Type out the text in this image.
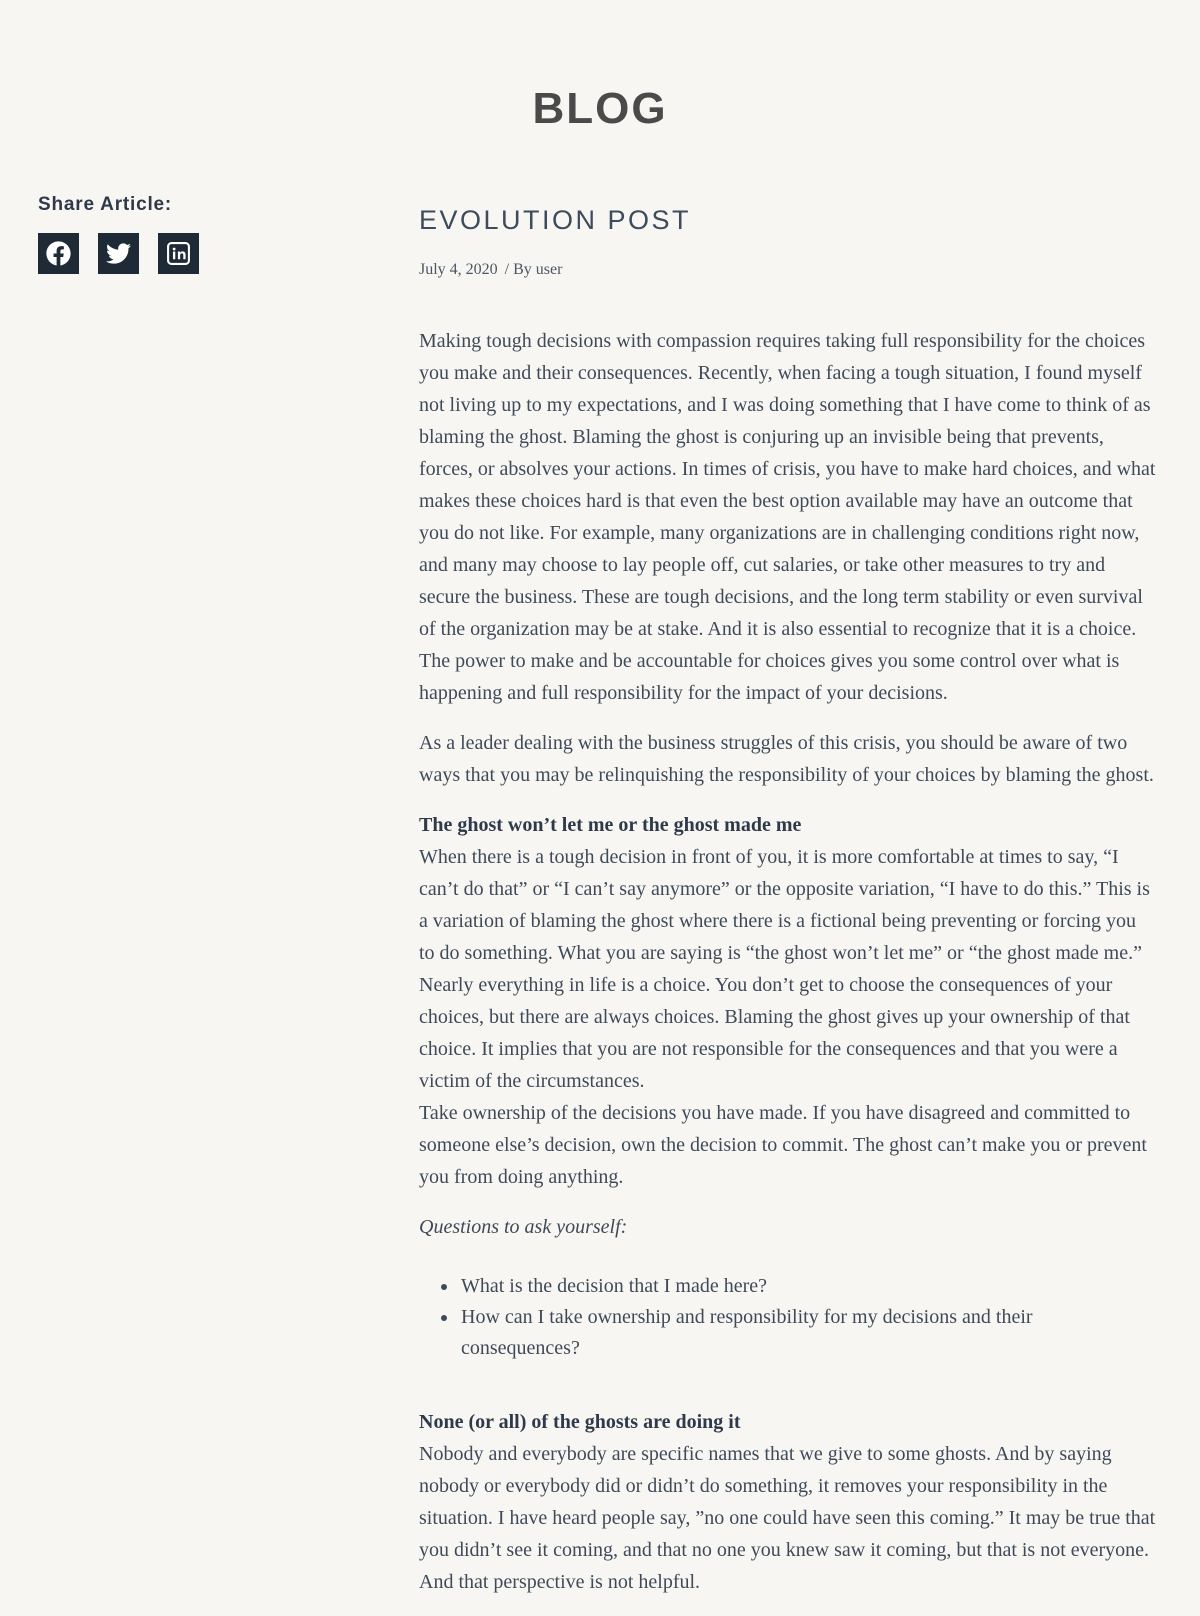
BLOG
Share Article:
EVOLUTION POST
July 4, 2020 / By user

Making tough decisions with compassion requires taking full responsibility for the choices you make and their consequences. Recently, when facing a tough situation, I found myself not living up to my expectations, and I was doing something that I have come to think of as blaming the ghost. Blaming the ghost is conjuring up an invisible being that prevents, forces, or absolves your actions. In times of crisis, you have to make hard choices, and what makes these choices hard is that even the best option available may have an outcome that you do not like. For example, many organizations are in challenging conditions right now, and many may choose to lay people off, cut salaries, or take other measures to try and secure the business. These are tough decisions, and the long term stability or even survival of the organization may be at stake. And it is also essential to recognize that it is a choice. The power to make and be accountable for choices gives you some control over what is happening and full responsibility for the impact of your decisions.

As a leader dealing with the business struggles of this crisis, you should be aware of two ways that you may be relinquishing the responsibility of your choices by blaming the ghost.

The ghost won’t let me or the ghost made me

When there is a tough decision in front of you, it is more comfortable at times to say, “I can’t do that” or “I can’t say anymore” or the opposite variation, “I have to do this.” This is a variation of blaming the ghost where there is a fictional being preventing or forcing you to do something. What you are saying is “the ghost won’t let me” or “the ghost made me.” Nearly everything in life is a choice. You don’t get to choose the consequences of your choices, but there are always choices. Blaming the ghost gives up your ownership of that choice. It implies that you are not responsible for the consequences and that you were a victim of the circumstances.

Take ownership of the decisions you have made. If you have disagreed and committed to someone else’s decision, own the decision to commit. The ghost can’t make you or prevent you from doing anything.

Questions to ask yourself:

• What is the decision that I made here?
• How can I take ownership and responsibility for my decisions and their consequences?
None (or all) of the ghosts are doing it

Nobody and everybody are specific names that we give to some ghosts. And by saying nobody or everybody did or didn’t do something, it removes your responsibility in the situation. I have heard people say, ”no one could have seen this coming.” It may be true that you didn’t see it coming, and that no one you knew saw it coming, but that is not everyone. And that perspective is not helpful.
